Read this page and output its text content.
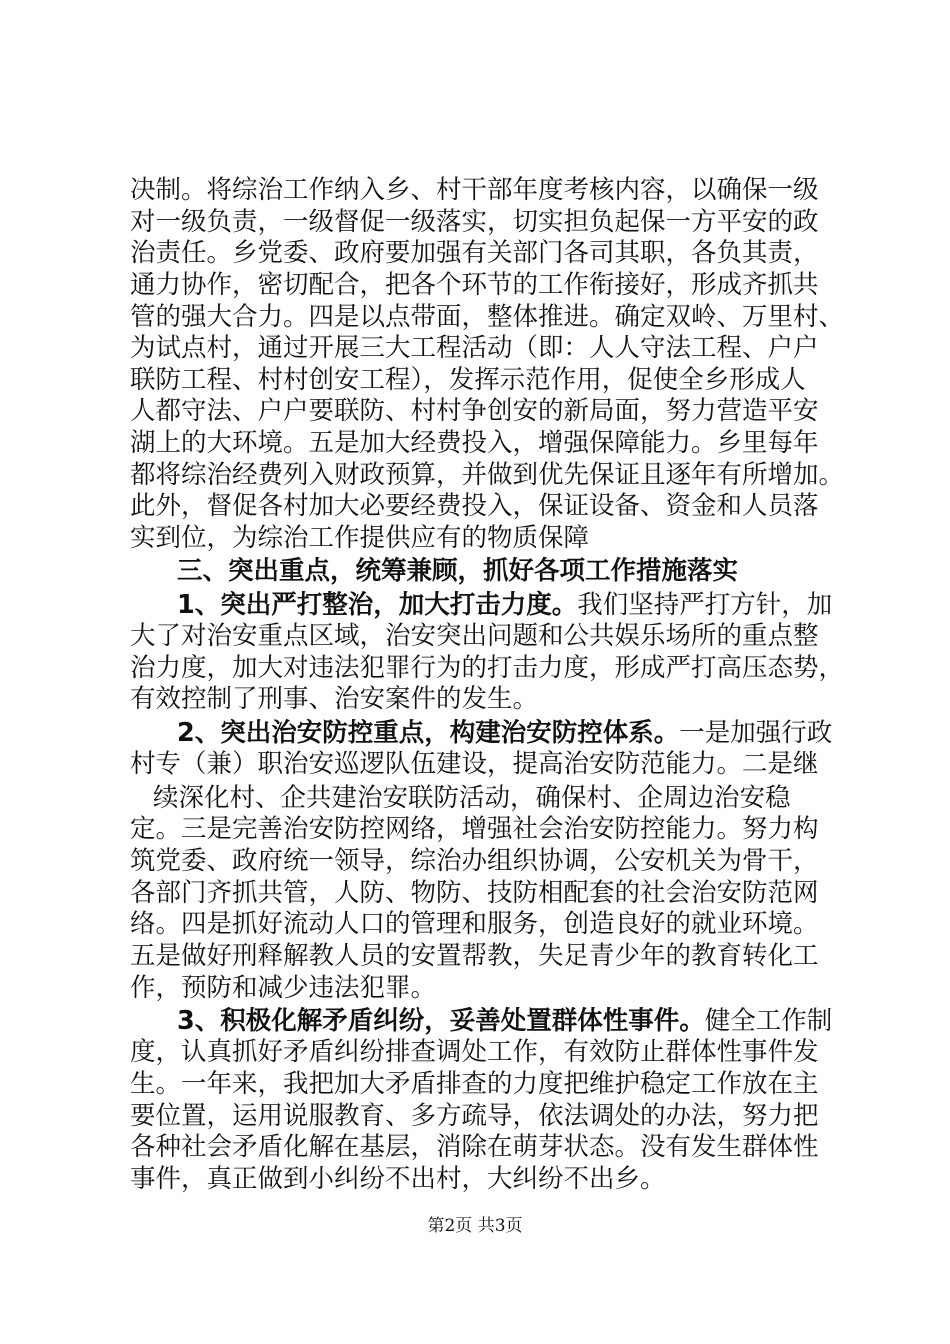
决制。将综治工作纳入乡、村干部年度考核内容，以确保一级
对一级负责，一级督促一级落实，切实担负起保一方平安的政
治责任。乡党委、政府要加强有关部门各司其职，各负其责，
通力协作，密切配合，把各个环节的工作衔接好，形成齐抓共
管的强大合力。四是以点带面，整体推进。确定双岭、万里村、
为试点村，通过开展三大工程活动（即：人人守法工程、户户
联防工程、村村创安工程），发挥示范作用，促使全乡形成人
人都守法、户户要联防、村村争创安的新局面，努力营造平安
湖上的大环境。五是加大经费投入，增强保障能力。乡里每年
都将综治经费列入财政预算，并做到优先保证且逐年有所增加。
此外，督促各村加大必要经费投入，保证设备、资金和人员落
实到位，为综治工作提供应有的物质保障
三、突出重点，统筹兼顾，抓好各项工作措施落实
1、突出严打整治，加大打击力度。我们坚持严打方针，加
大了对治安重点区域，治安突出问题和公共娱乐场所的重点整
治力度，加大对违法犯罪行为的打击力度，形成严打高压态势，
有效控制了刑事、治安案件的发生。
2、突出治安防控重点，构建治安防控体系。一是加强行政
村专（兼）职治安巡逻队伍建设，提高治安防范能力。二是继
续深化村、企共建治安联防活动，确保村、企周边治安稳
定。三是完善治安防控网络，增强社会治安防控能力。努力构
筑党委、政府统一领导，综治办组织协调，公安机关为骨干，
各部门齐抓共管，人防、物防、技防相配套的社会治安防范网
络。四是抓好流动人口的管理和服务，创造良好的就业环境。
五是做好刑释解教人员的安置帮教，失足青少年的教育转化工
作，预防和减少违法犯罪。
3、积极化解矛盾纠纷，妥善处置群体性事件。健全工作制
度，认真抓好矛盾纠纷排查调处工作，有效防止群体性事件发
生。一年来，我把加大矛盾排查的力度把维护稳定工作放在主
要位置，运用说服教育、多方疏导，依法调处的办法，努力把
各种社会矛盾化解在基层，消除在萌芽状态。没有发生群体性
事件，真正做到小纠纷不出村，大纠纷不出乡。
第2页 共3页
